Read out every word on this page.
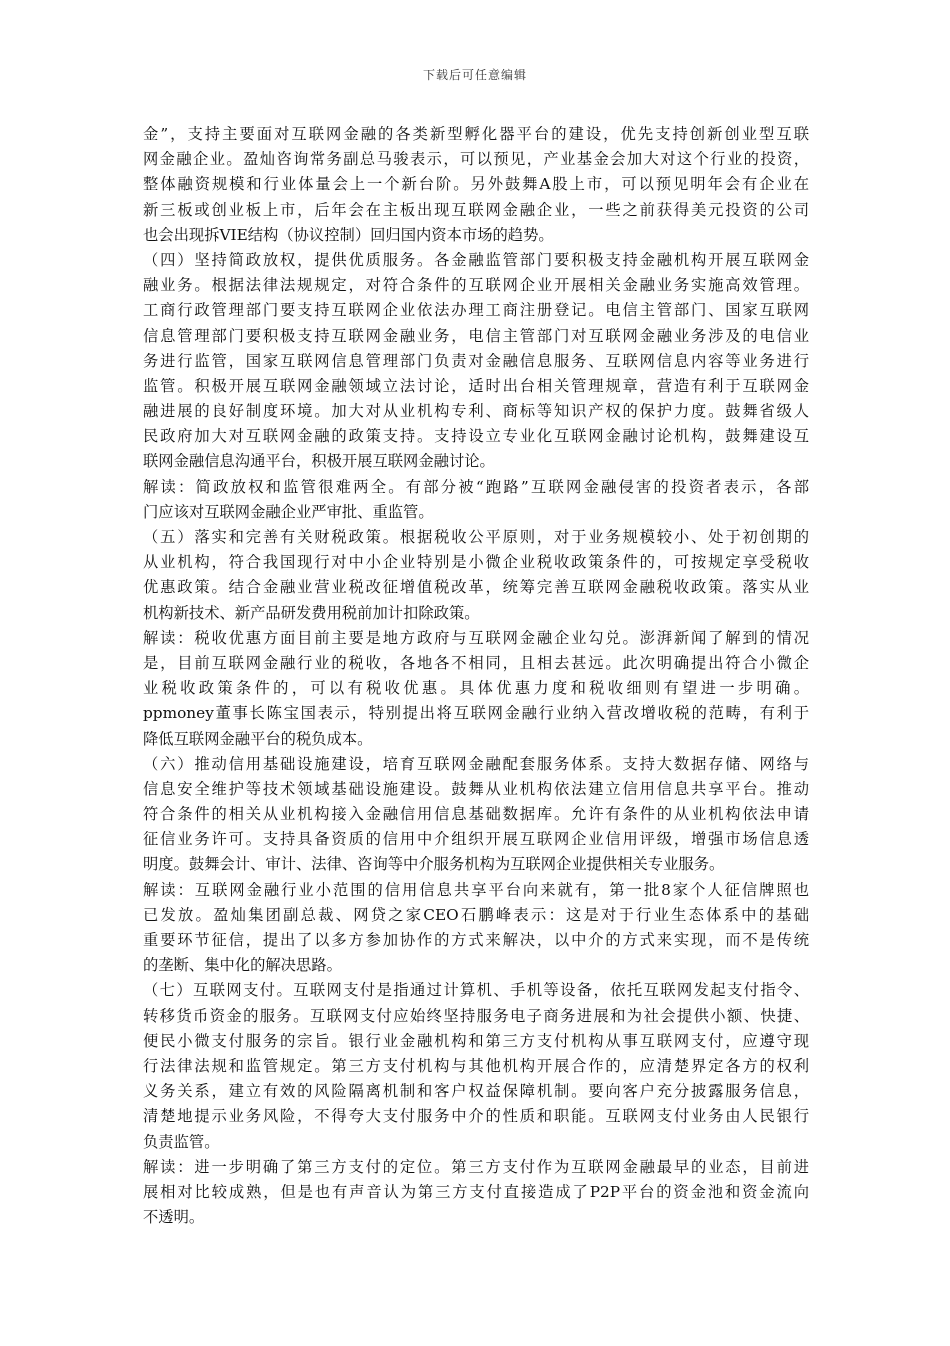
下载后可任意编辑
金”，支持主要面对互联网金融的各类新型孵化器平台的建设，优先支持创新创业型互联
网金融企业。盈灿咨询常务副总马骏表示，可以预见，产业基金会加大对这个行业的投资，
整体融资规模和行业体量会上一个新台阶。另外鼓舞A股上市，可以预见明年会有企业在
新三板或创业板上市，后年会在主板出现互联网金融企业，一些之前获得美元投资的公司
也会出现拆VIE结构（协议控制）回归国内资本市场的趋势。
（四）坚持简政放权，提供优质服务。各金融监管部门要积极支持金融机构开展互联网金
融业务。根据法律法规规定，对符合条件的互联网企业开展相关金融业务实施高效管理。
工商行政管理部门要支持互联网企业依法办理工商注册登记。电信主管部门、国家互联网
信息管理部门要积极支持互联网金融业务，电信主管部门对互联网金融业务涉及的电信业
务进行监管，国家互联网信息管理部门负责对金融信息服务、互联网信息内容等业务进行
监管。积极开展互联网金融领域立法讨论，适时出台相关管理规章，营造有利于互联网金
融进展的良好制度环境。加大对从业机构专利、商标等知识产权的保护力度。鼓舞省级人
民政府加大对互联网金融的政策支持。支持设立专业化互联网金融讨论机构，鼓舞建设互
联网金融信息沟通平台，积极开展互联网金融讨论。
解读：简政放权和监管很难两全。有部分被“跑路”互联网金融侵害的投资者表示，各部
门应该对互联网金融企业严审批、重监管。
（五）落实和完善有关财税政策。根据税收公平原则，对于业务规模较小、处于初创期的
从业机构，符合我国现行对中小企业特别是小微企业税收政策条件的，可按规定享受税收
优惠政策。结合金融业营业税改征增值税改革，统筹完善互联网金融税收政策。落实从业
机构新技术、新产品研发费用税前加计扣除政策。
解读：税收优惠方面目前主要是地方政府与互联网金融企业勾兑。澎湃新闻了解到的情况
是，目前互联网金融行业的税收，各地各不相同，且相去甚远。此次明确提出符合小微企
业税收政策条件的，可以有税收优惠。具体优惠力度和税收细则有望进一步明确。
ppmoney董事长陈宝国表示，特别提出将互联网金融行业纳入营改增收税的范畴，有利于
降低互联网金融平台的税负成本。
（六）推动信用基础设施建设，培育互联网金融配套服务体系。支持大数据存储、网络与
信息安全维护等技术领域基础设施建设。鼓舞从业机构依法建立信用信息共享平台。推动
符合条件的相关从业机构接入金融信用信息基础数据库。允许有条件的从业机构依法申请
征信业务许可。支持具备资质的信用中介组织开展互联网企业信用评级，增强市场信息透
明度。鼓舞会计、审计、法律、咨询等中介服务机构为互联网企业提供相关专业服务。
解读：互联网金融行业小范围的信用信息共享平台向来就有，第一批8家个人征信牌照也
已发放。盈灿集团副总裁、网贷之家CEO石鹏峰表示：这是对于行业生态体系中的基础
重要环节征信，提出了以多方参加协作的方式来解决，以中介的方式来实现，而不是传统
的垄断、集中化的解决思路。
（七）互联网支付。互联网支付是指通过计算机、手机等设备，依托互联网发起支付指令、
转移货币资金的服务。互联网支付应始终坚持服务电子商务进展和为社会提供小额、快捷、
便民小微支付服务的宗旨。银行业金融机构和第三方支付机构从事互联网支付，应遵守现
行法律法规和监管规定。第三方支付机构与其他机构开展合作的，应清楚界定各方的权利
义务关系，建立有效的风险隔离机制和客户权益保障机制。要向客户充分披露服务信息，
清楚地提示业务风险，不得夸大支付服务中介的性质和职能。互联网支付业务由人民银行
负责监管。
解读：进一步明确了第三方支付的定位。第三方支付作为互联网金融最早的业态，目前进
展相对比较成熟，但是也有声音认为第三方支付直接造成了P2P平台的资金池和资金流向
不透明。
